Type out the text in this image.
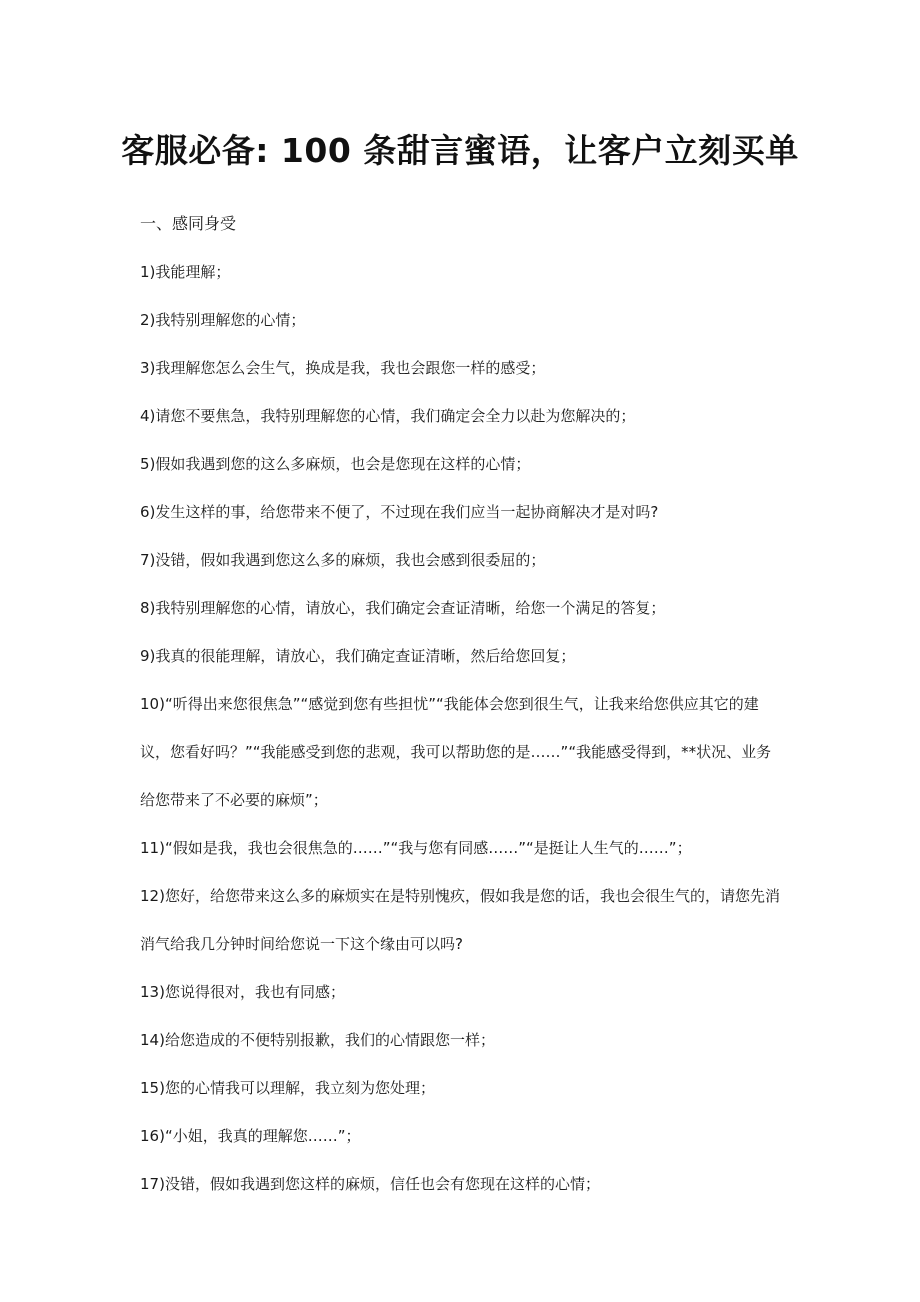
客服必备: 100 条甜言蜜语，让客户立刻买单
一、感同身受
1)我能理解；
2)我特别理解您的心情；
3)我理解您怎么会生气，换成是我，我也会跟您一样的感受；
4)请您不要焦急，我特别理解您的心情，我们确定会全力以赴为您解决的；
5)假如我遇到您的这么多麻烦，也会是您现在这样的心情；
6)发生这样的事，给您带来不便了，不过现在我们应当一起协商解决才是对吗?
7)没错，假如我遇到您这么多的麻烦，我也会感到很委屈的；
8)我特别理解您的心情，请放心，我们确定会查证清晰，给您一个满足的答复；
9)我真的很能理解，请放心，我们确定查证清晰，然后给您回复；
10)“听得出来您很焦急”“感觉到您有些担忧”“我能体会您到很生气，让我来给您供应其它的建议，您看好吗？”“我能感受到您的悲观，我可以帮助您的是……”“我能感受得到，**状况、业务给您带来了不必要的麻烦”；
11)“假如是我，我也会很焦急的……”“我与您有同感……”“是挺让人生气的……”；
12)您好，给您带来这么多的麻烦实在是特别愧疚，假如我是您的话，我也会很生气的，请您先消消气给我几分钟时间给您说一下这个缘由可以吗?
13)您说得很对，我也有同感；
14)给您造成的不便特别报歉，我们的心情跟您一样；
15)您的心情我可以理解，我立刻为您处理；
16)“小姐，我真的理解您……”；
17)没错，假如我遇到您这样的麻烦，信任也会有您现在这样的心情；
